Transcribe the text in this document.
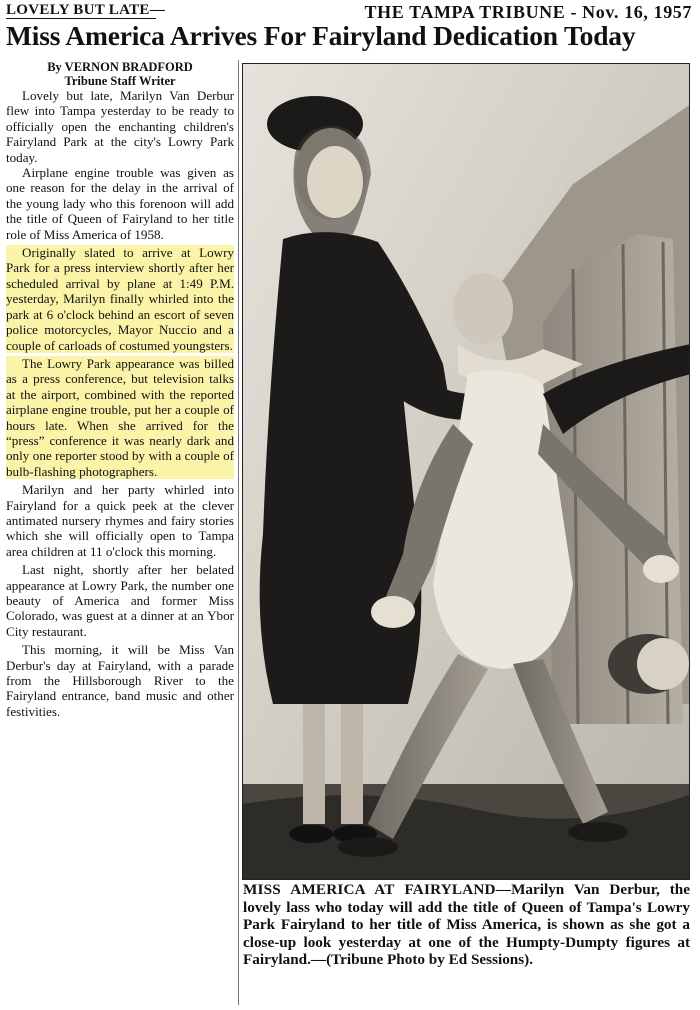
LOVELY BUT LATE—	THE TAMPA TRIBUNE - Nov. 16, 1957
Miss America Arrives For Fairyland Dedication Today
By VERNON BRADFORD
Tribune Staff Writer

Lovely but late, Marilyn Van Derbur flew into Tampa yesterday to be ready to officially open the enchanting children's Fairyland Park at the city's Lowry Park today.

Airplane engine trouble was given as one reason for the delay in the arrival of the young lady who this forenoon will add the title of Queen of Fairyland to her title role of Miss America of 1958.

Originally slated to arrive at Lowry Park for a press interview shortly after her scheduled arrival by plane at 1:49 P.M. yesterday, Marilyn finally whirled into the park at 6 o'clock behind an escort of seven police motorcycles, Mayor Nuccio and a couple of carloads of costumed youngsters.

The Lowry Park appearance was billed as a press conference, but television talks at the airport, combined with the reported airplane engine trouble, put her a couple of hours late. When she arrived for the “press” conference it was nearly dark and only one reporter stood by with a couple of bulb-flashing photographers.

Marilyn and her party whirled into Fairyland for a quick peek at the clever antimated nursery rhymes and fairy stories which she will officially open to Tampa area children at 11 o'clock this morning.

Last night, shortly after her belated appearance at Lowry Park, the number one beauty of America and former Miss Colorado, was guest at a dinner at an Ybor City restaurant.

This morning, it will be Miss Van Derbur's day at Fairyland, with a parade from the Hillsborough River to the Fairyland entrance, band music and other festivities.

MISS AMERICA AT FAIRYLAND—Marilyn Van Derbur, the lovely lass who today will add the title of Queen of Tampa's Lowry Park Fairyland to her title of Miss America, is shown as she got a close-up look yesterday at one of the Humpty-Dumpty figures at Fairyland.—(Tribune Photo by Ed Sessions).
